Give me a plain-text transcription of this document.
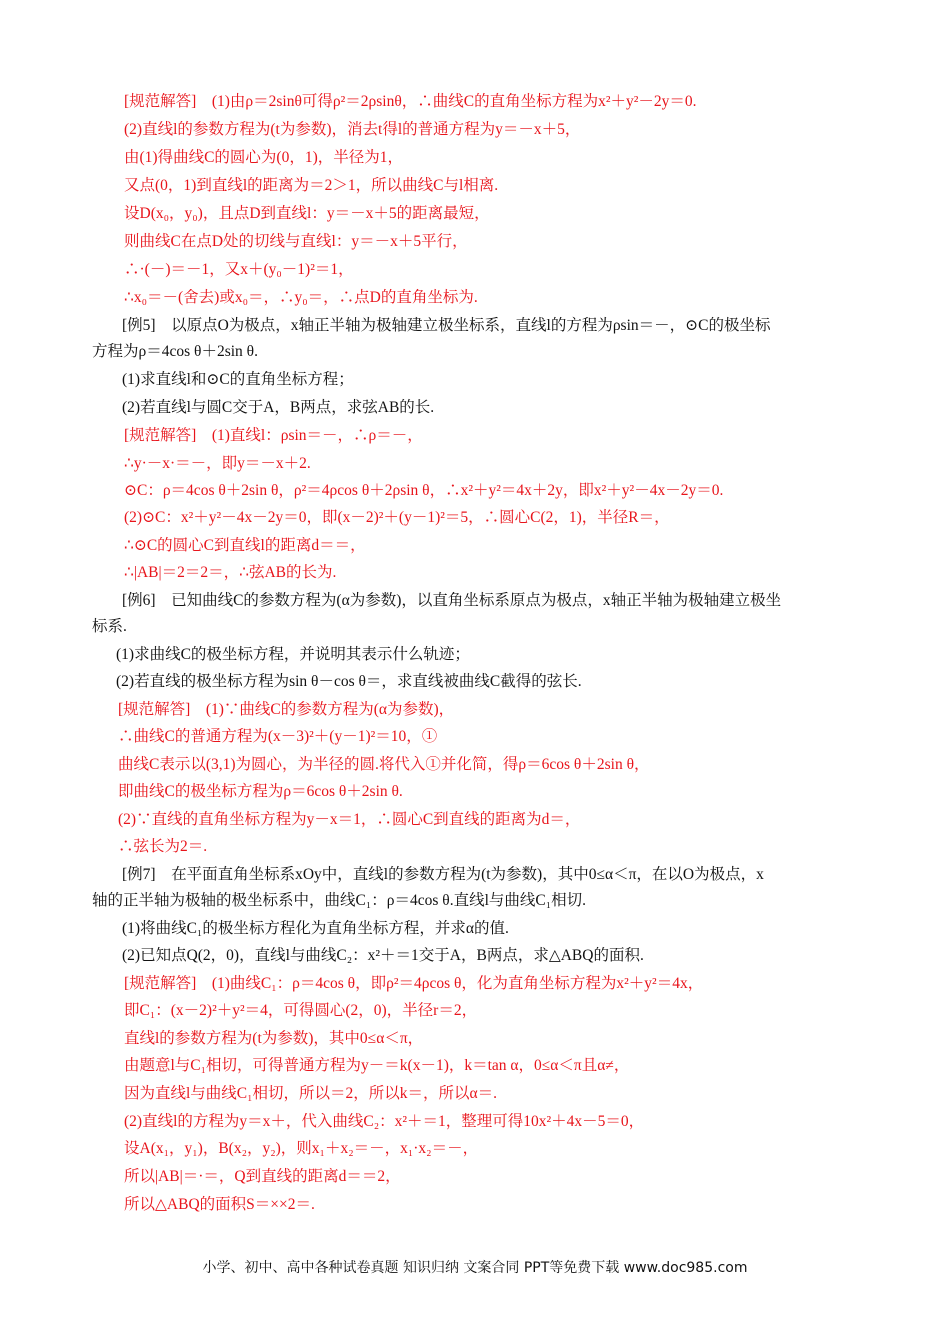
[规范解答]　(1)由ρ＝2sinθ可得ρ²＝2ρsinθ，∴曲线C的直角坐标方程为x²＋y²－2y＝0.
(2)直线l的参数方程为(t为参数)，消去t得l的普通方程为y＝－x＋5，
由(1)得曲线C的圆心为(0，1)，半径为1，
又点(0，1)到直线l的距离为＝2＞1，所以曲线C与l相离.
设D(x₀，y₀)，且点D到直线l：y＝－x＋5的距离最短，
则曲线C在点D处的切线与直线l：y＝－x＋5平行，
∴·(－)＝－1，又x＋(y₀－1)²＝1，
∴x₀＝－(舍去)或x₀＝，∴y₀＝，∴点D的直角坐标为.
[例5]　以原点O为极点，x轴正半轴为极轴建立极坐标系，直线l的方程为ρsin＝－，⊙C的极坐标
方程为ρ＝4cos θ＋2sin θ.
(1)求直线l和⊙C的直角坐标方程；
(2)若直线l与圆C交于A，B两点，求弦AB的长.
[规范解答]　(1)直线l：ρsin＝－，∴ρ＝－，
∴y·－x·＝－，即y＝－x＋2.
⊙C：ρ＝4cos θ＋2sin θ，ρ²＝4ρcos θ＋2ρsin θ，∴x²＋y²＝4x＋2y，即x²＋y²－4x－2y＝0.
(2)⊙C：x²＋y²－4x－2y＝0，即(x－2)²＋(y－1)²＝5，∴圆心C(2，1)，半径R＝，
∴⊙C的圆心C到直线l的距离d＝＝，
∴|AB|＝2＝2＝，∴弦AB的长为.
[例6]　已知曲线C的参数方程为(α为参数)，以直角坐标系原点为极点，x轴正半轴为极轴建立极坐
标系.
(1)求曲线C的极坐标方程，并说明其表示什么轨迹；
(2)若直线的极坐标方程为sin θ－cos θ＝，求直线被曲线C截得的弦长.
[规范解答]　(1)∵曲线C的参数方程为(α为参数)，
∴曲线C的普通方程为(x－3)²＋(y－1)²＝10，①
曲线C表示以(3,1)为圆心，为半径的圆.将代入①并化简，得ρ＝6cos θ＋2sin θ，
即曲线C的极坐标方程为ρ＝6cos θ＋2sin θ.
(2)∵直线的直角坐标方程为y－x＝1，∴圆心C到直线的距离为d＝，
∴弦长为2＝.
[例7]　在平面直角坐标系xOy中，直线l的参数方程为(t为参数)，其中0≤α＜π，在以O为极点，x
轴的正半轴为极轴的极坐标系中，曲线C₁：ρ＝4cos θ.直线l与曲线C₁相切.
(1)将曲线C₁的极坐标方程化为直角坐标方程，并求α的值.
(2)已知点Q(2，0)，直线l与曲线C₂：x²＋＝1交于A，B两点，求△ABQ的面积.
[规范解答]　(1)曲线C₁：ρ＝4cos θ，即ρ²＝4ρcos θ，化为直角坐标方程为x²＋y²＝4x，
即C₁：(x－2)²＋y²＝4，可得圆心(2，0)，半径r＝2，
直线l的参数方程为(t为参数)，其中0≤α＜π，
由题意l与C₁相切，可得普通方程为y－＝k(x－1)，k＝tan α，0≤α＜π且α≠，
因为直线l与曲线C₁相切，所以＝2，所以k＝，所以α＝.
(2)直线l的方程为y＝x＋，代入曲线C₂：x²＋＝1，整理可得10x²＋4x－5＝0，
设A(x₁，y₁)，B(x₂，y₂)，则x₁＋x₂＝－，x₁·x₂＝－，
所以|AB|＝·＝，Q到直线的距离d＝＝2，
所以△ABQ的面积S＝××2＝.
小学、初中、高中各种试卷真题 知识归纳 文案合同 PPT等免费下载 www.doc985.com
